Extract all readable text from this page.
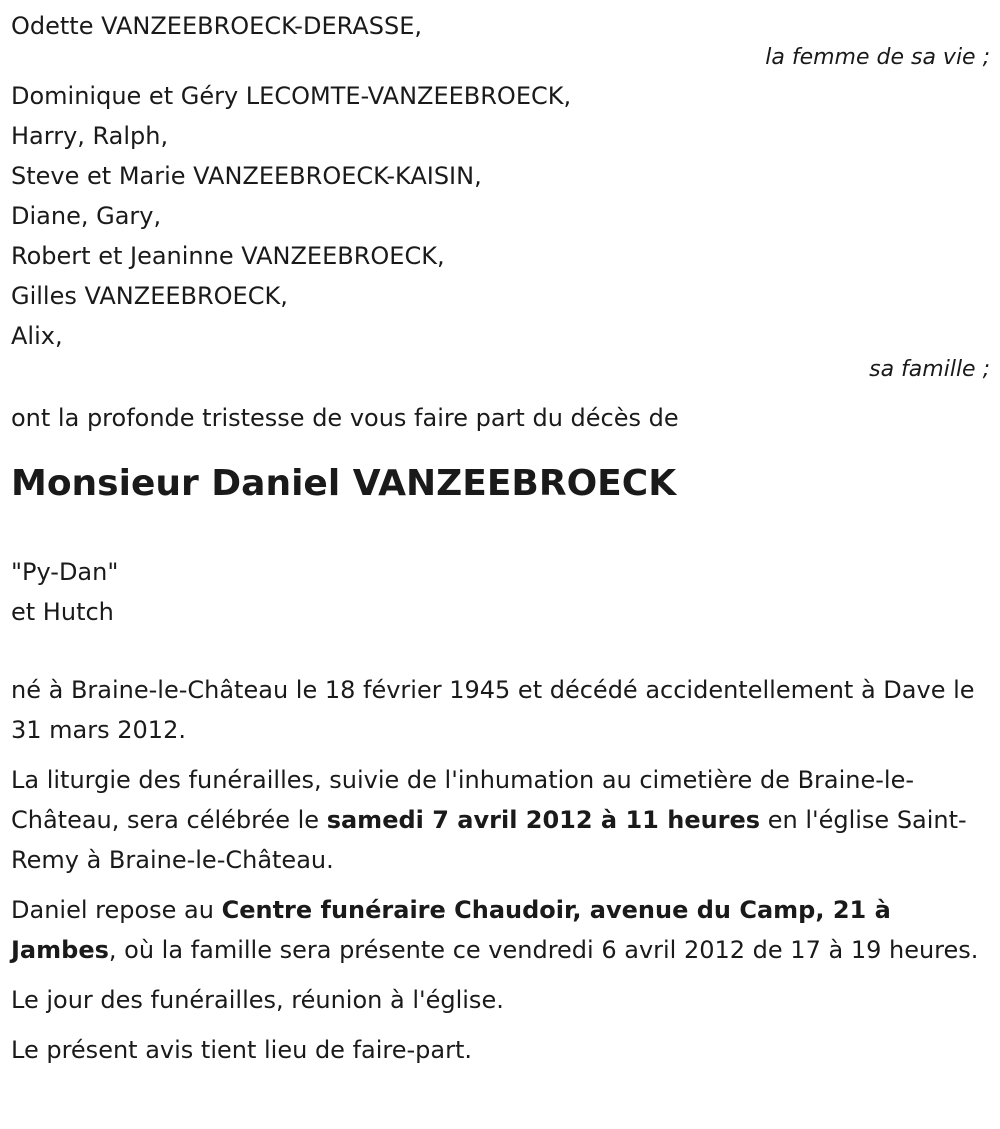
Odette VANZEEBROECK-DERASSE,
la femme de sa vie ;
Dominique et Géry LECOMTE-VANZEEBROECK,
Harry, Ralph,
Steve et Marie VANZEEBROECK-KAISIN,
Diane, Gary,
Robert et Jeaninne VANZEEBROECK,
Gilles VANZEEBROECK,
Alix,
sa famille ;
ont la profonde tristesse de vous faire part du décès de
Monsieur Daniel VANZEEBROECK
"Py-Dan"
et Hutch
né à Braine-le-Château le 18 février 1945 et décédé accidentellement à Dave le 31 mars 2012.
La liturgie des funérailles, suivie de l'inhumation au cimetière de Braine-le-Château, sera célébrée le samedi 7 avril 2012 à 11 heures en l'église Saint-Remy à Braine-le-Château.
Daniel repose au Centre funéraire Chaudoir, avenue du Camp, 21 à Jambes, où la famille sera présente ce vendredi 6 avril 2012 de 17 à 19 heures.
Le jour des funérailles, réunion à l'église.
Le présent avis tient lieu de faire-part.
